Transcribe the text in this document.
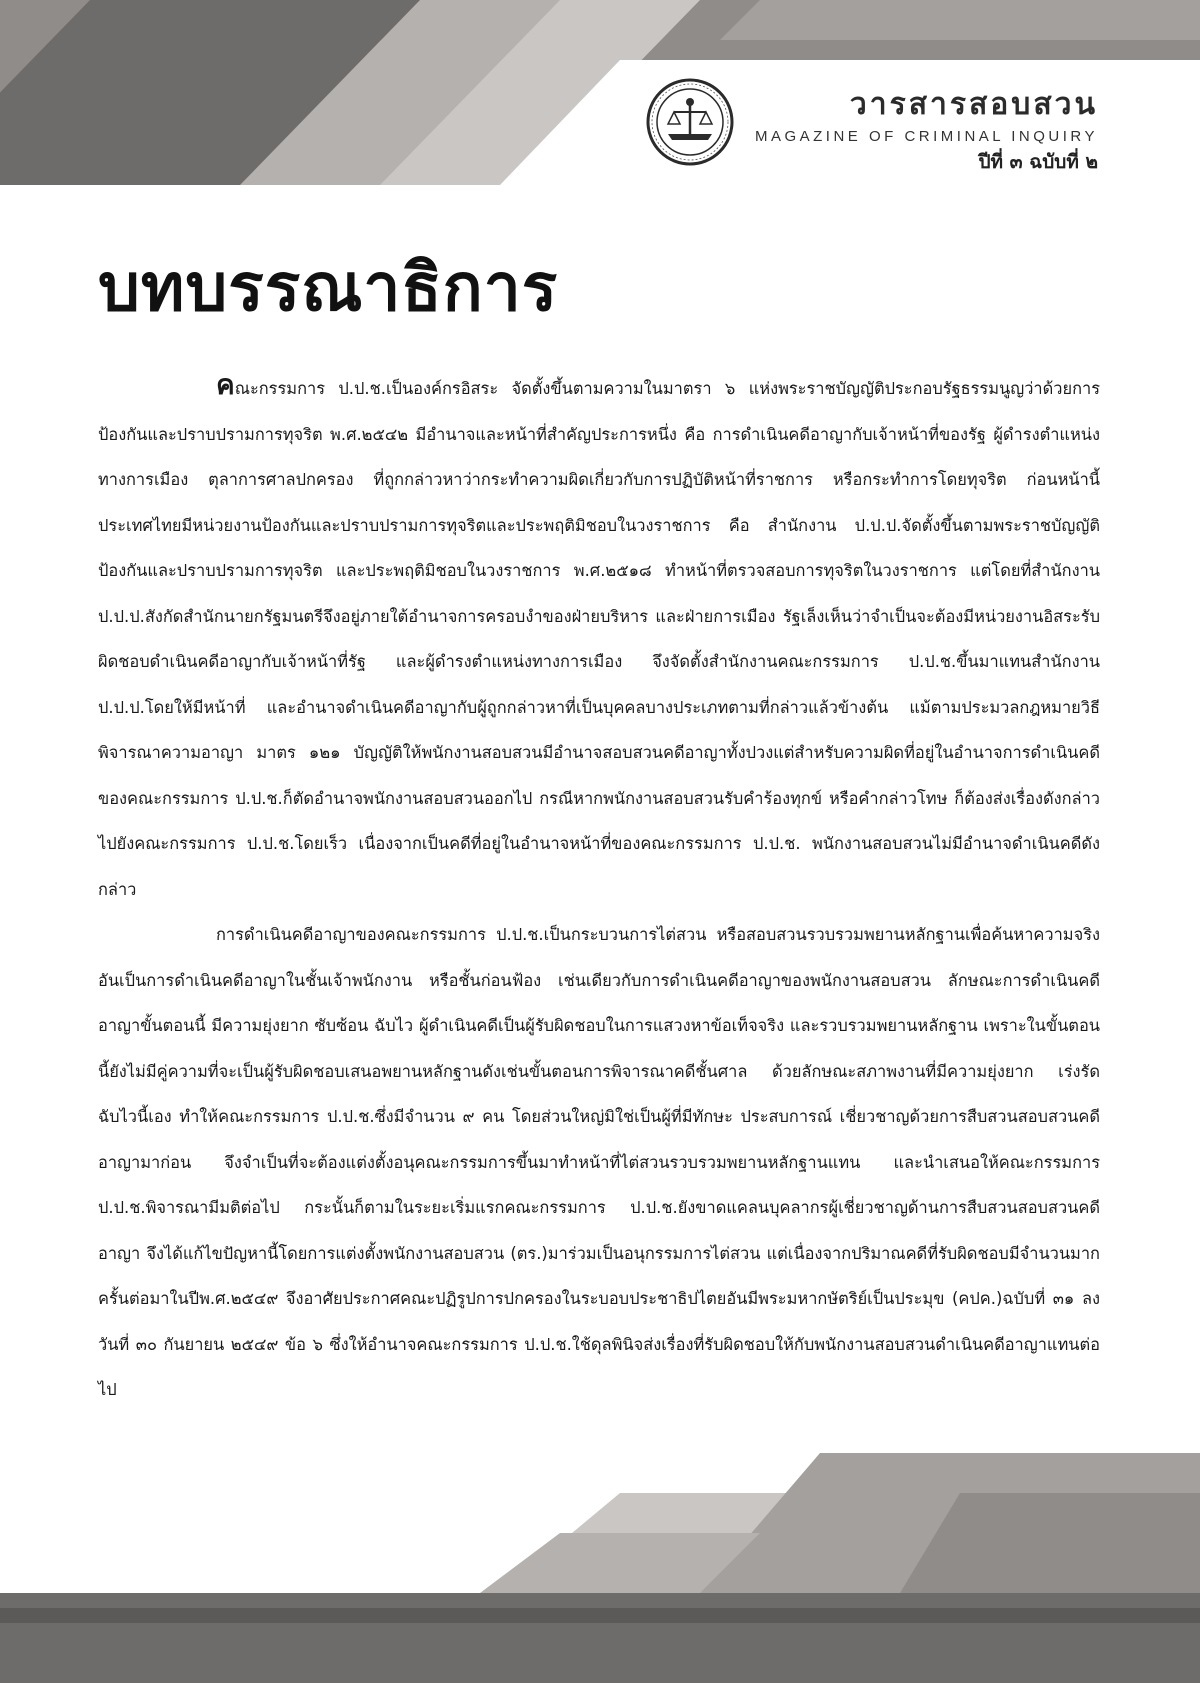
วารสารสอบสวน
MAGAZINE OF CRIMINAL INQUIRY
ปีที่ ๓ ฉบับที่ ๒
บทบรรณาธิการ

คณะกรรมการ ป.ป.ช.เป็นองค์กรอิสระ จัดตั้งขึ้นตามความในมาตรา ๖ แห่งพระราชบัญญัติประกอบรัฐธรรมนูญว่าด้วยการป้องกันและปราบปรามการทุจริต พ.ศ.๒๕๔๒ มีอำนาจและหน้าที่สำคัญประการหนึ่ง คือ การดำเนินคดีอาญากับเจ้าหน้าที่ของรัฐ ผู้ดำรงตำแหน่งทางการเมือง ตุลาการศาลปกครอง ที่ถูกกล่าวหาว่ากระทำความผิดเกี่ยวกับการปฏิบัติหน้าที่ราชการ หรือกระทำการโดยทุจริต ก่อนหน้านี้ประเทศไทยมีหน่วยงานป้องกันและปราบปรามการทุจริตและประพฤติมิชอบในวงราชการ คือ สำนักงาน ป.ป.ป.จัดตั้งขึ้นตามพระราชบัญญัติป้องกันและปราบปรามการทุจริต และประพฤติมิชอบในวงราชการ พ.ศ.๒๕๑๘ ทำหน้าที่ตรวจสอบการทุจริตในวงราชการ แต่โดยที่สำนักงาน ป.ป.ป.สังกัดสำนักนายกรัฐมนตรีจึงอยู่ภายใต้อำนาจการครอบงำของฝ่ายบริหาร และฝ่ายการเมือง รัฐเล็งเห็นว่าจำเป็นจะต้องมีหน่วยงานอิสระรับผิดชอบดำเนินคดีอาญากับเจ้าหน้าที่รัฐ และผู้ดำรงตำแหน่งทางการเมือง จึงจัดตั้งสำนักงานคณะกรรมการ ป.ป.ช.ขึ้นมาแทนสำนักงาน ป.ป.ป.โดยให้มีหน้าที่ และอำนาจดำเนินคดีอาญากับผู้ถูกกล่าวหาที่เป็นบุคคลบางประเภทตามที่กล่าวแล้วข้างต้น แม้ตามประมวลกฎหมายวิธีพิจารณาความอาญา มาตร ๑๒๑ บัญญัติให้พนักงานสอบสวนมีอำนาจสอบสวนคดีอาญาทั้งปวงแต่สำหรับความผิดที่อยู่ในอำนาจการดำเนินคดีของคณะกรรมการ ป.ป.ช.ก็ตัดอำนาจพนักงานสอบสวนออกไป กรณีหากพนักงานสอบสวนรับคำร้องทุกข์ หรือคำกล่าวโทษ ก็ต้องส่งเรื่องดังกล่าวไปยังคณะกรรมการ ป.ป.ช.โดยเร็ว เนื่องจากเป็นคดีที่อยู่ในอำนาจหน้าที่ของคณะกรรมการ ป.ป.ช. พนักงานสอบสวนไม่มีอำนาจดำเนินคดีดังกล่าว

การดำเนินคดีอาญาของคณะกรรมการ ป.ป.ช.เป็นกระบวนการไต่สวน หรือสอบสวนรวบรวมพยานหลักฐานเพื่อค้นหาความจริง อันเป็นการดำเนินคดีอาญาในชั้นเจ้าพนักงาน หรือชั้นก่อนฟ้อง เช่นเดียวกับการดำเนินคดีอาญาของพนักงานสอบสวน ลักษณะการดำเนินคดีอาญาขั้นตอนนี้ มีความยุ่งยาก ซับซ้อน ฉับไว ผู้ดำเนินคดีเป็นผู้รับผิดชอบในการแสวงหาข้อเท็จจริง และรวบรวมพยานหลักฐาน เพราะในขั้นตอนนี้ยังไม่มีคู่ความที่จะเป็นผู้รับผิดชอบเสนอพยานหลักฐานดังเช่นขั้นตอนการพิจารณาคดีชั้นศาล ด้วยลักษณะสภาพงานที่มีความยุ่งยาก เร่งรัด ฉับไวนี้เอง ทำให้คณะกรรมการ ป.ป.ช.ซึ่งมีจำนวน ๙ คน โดยส่วนใหญ่มิใช่เป็นผู้ที่มีทักษะ ประสบการณ์ เชี่ยวชาญด้วยการสืบสวนสอบสวนคดีอาญามาก่อน จึงจำเป็นที่จะต้องแต่งตั้งอนุคณะกรรมการขึ้นมาทำหน้าที่ไต่สวนรวบรวมพยานหลักฐานแทน และนำเสนอให้คณะกรรมการ ป.ป.ช.พิจารณามีมติต่อไป กระนั้นก็ตามในระยะเริ่มแรกคณะกรรมการ ป.ป.ช.ยังขาดแคลนบุคลากรผู้เชี่ยวชาญด้านการสืบสวนสอบสวนคดีอาญา จึงได้แก้ไขปัญหานี้โดยการแต่งตั้งพนักงานสอบสวน (ตร.)มาร่วมเป็นอนุกรรมการไต่สวน แต่เนื่องจากปริมาณคดีที่รับผิดชอบมีจำนวนมาก ครั้นต่อมาในปีพ.ศ.๒๕๔๙ จึงอาศัยประกาศคณะปฏิรูปการปกครองในระบอบประชาธิปไตยอันมีพระมหากษัตริย์เป็นประมุข (คปค.)ฉบับที่ ๓๑ ลงวันที่ ๓๐ กันยายน ๒๕๔๙ ข้อ ๖ ซึ่งให้อำนาจคณะกรรมการ ป.ป.ช.ใช้ดุลพินิจส่งเรื่องที่รับผิดชอบให้กับพนักงานสอบสวนดำเนินคดีอาญาแทนต่อไป
